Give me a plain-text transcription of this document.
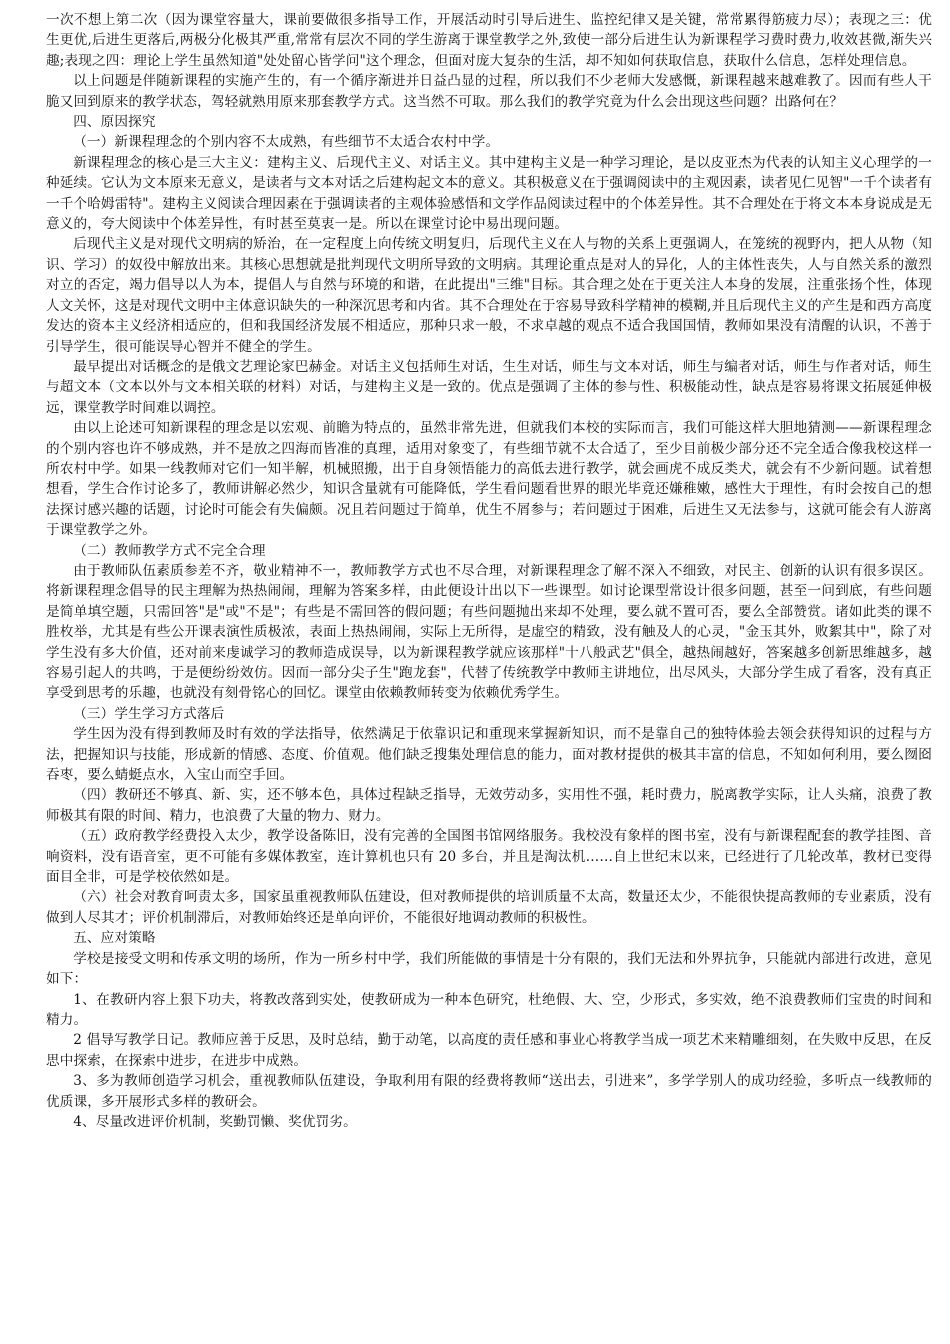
一次不想上第二次（因为课堂容量大，课前要做很多指导工作，开展活动时引导后进生、监控纪律又是关键，常常累得筋疲力尽）；表现之三：优生更优,后进生更落后,两极分化极其严重,常常有层次不同的学生游离于课堂教学之外,致使一部分后进生认为新课程学习费时费力,收效甚微,渐失兴趣;表现之四：理论上学生虽然知道"处处留心皆学问"这个理念，但面对庞大复杂的生活，却不知如何获取信息，获取什么信息，怎样处理信息。

以上问题是伴随新课程的实施产生的，有一个循序渐进并日益凸显的过程，所以我们不少老师大发感慨，新课程越来越难教了。因而有些人干脆又回到原来的教学状态，驾轻就熟用原来那套教学方式。这当然不可取。那么我们的教学究竟为什么会出现这些问题？出路何在？

四、原因探究

（一）新课程理念的个别内容不太成熟，有些细节不太适合农村中学。

新课程理念的核心是三大主义：建构主义、后现代主义、对话主义。其中建构主义是一种学习理论，是以皮亚杰为代表的认知主义心理学的一种延续。它认为文本原来无意义，是读者与文本对话之后建构起文本的意义。其积极意义在于强调阅读中的主观因素，读者见仁见智"一千个读者有一千个哈姆雷特"。建构主义阅读合理因素在于强调读者的主观体验感悟和文学作品阅读过程中的个体差异性。其不合理处在于将文本本身说成是无意义的，夸大阅读中个体差异性，有时甚至莫衷一是。所以在课堂讨论中易出现问题。

后现代主义是对现代文明病的矫治，在一定程度上向传统文明复归，后现代主义在人与物的关系上更强调人，在笼统的视野内，把人从物（知识、学习）的奴役中解放出来。其核心思想就是批判现代文明所导致的文明病。其理论重点是对人的异化，人的主体性丧失，人与自然关系的激烈对立的否定，竭力倡导以人为本，提倡人与自然与环境的和谐，在此提出"三维"目标。其合理之处在于更关注人本身的发展，注重张扬个性，体现人文关怀，这是对现代文明中主体意识缺失的一种深沉思考和内省。其不合理处在于容易导致科学精神的模糊,并且后现代主义的产生是和西方高度发达的资本主义经济相适应的，但和我国经济发展不相适应，那种只求一般，不求卓越的观点不适合我国国情，教师如果没有清醒的认识，不善于引导学生，很可能误导心智并不健全的学生。

最早提出对话概念的是俄文艺理论家巴赫金。对话主义包括师生对话，生生对话，师生与文本对话，师生与编者对话，师生与作者对话，师生与超文本（文本以外与文本相关联的材料）对话，与建构主义是一致的。优点是强调了主体的参与性、积极能动性，缺点是容易将课文拓展延伸极远，课堂教学时间难以调控。

由以上论述可知新课程的理念是以宏观、前瞻为特点的，虽然非常先进，但就我们本校的实际而言，我们可能这样大胆地猜测——新课程理念的个别内容也许不够成熟，并不是放之四海而皆准的真理，适用对象变了，有些细节就不太合适了，至少目前极少部分还不完全适合像我校这样一所农村中学。如果一线教师对它们一知半解，机械照搬，出于自身领悟能力的高低去进行教学，就会画虎不成反类犬，就会有不少新问题。试着想想看，学生合作讨论多了，教师讲解必然少，知识含量就有可能降低，学生看问题看世界的眼光毕竟还嫌稚嫩，感性大于理性，有时会按自己的想法探讨感兴趣的话题，讨论时可能会有失偏颇。况且若问题过于简单，优生不屑参与；若问题过于困难，后进生又无法参与，这就可能会有人游离于课堂教学之外。

（二）教师教学方式不完全合理

由于教师队伍素质参差不齐，敬业精神不一，教师教学方式也不尽合理，对新课程理念了解不深入不细致，对民主、创新的认识有很多误区。将新课程理念倡导的民主理解为热热闹闹，理解为答案多样，由此便设计出以下一些课型。如讨论课型常设计很多问题，甚至一问到底，有些问题是简单填空题，只需回答"是"或"不是"；有些是不需回答的假问题；有些问题抛出来却不处理，要么就不置可否，要么全部赞赏。诸如此类的课不胜枚举，尤其是有些公开课表演性质极浓，表面上热热闹闹，实际上无所得，是虚空的精致，没有触及人的心灵，"金玉其外，败絮其中"，除了对学生没有多大价值，还对前来虔诚学习的教师造成误导，以为新课程教学就应该那样"十八般武艺"俱全，越热闹越好，答案越多创新思维越多，越容易引起人的共鸣，于是便纷纷效仿。因而一部分尖子生"跑龙套"，代替了传统教学中教师主讲地位，出尽风头，大部分学生成了看客，没有真正享受到思考的乐趣，也就没有刻骨铭心的回忆。课堂由依赖教师转变为依赖优秀学生。

（三）学生学习方式落后

学生因为没有得到教师及时有效的学法指导，依然满足于依靠识记和重现来掌握新知识，而不是靠自己的独特体验去领会获得知识的过程与方法，把握知识与技能，形成新的情感、态度、价值观。他们缺乏搜集处理信息的能力，面对教材提供的极其丰富的信息，不知如何利用，要么囫囵吞枣，要么蜻蜓点水，入宝山而空手回。

（四）教研还不够真、新、实，还不够本色，具体过程缺乏指导，无效劳动多，实用性不强，耗时费力，脱离教学实际，让人头痛，浪费了教师极其有限的时间、精力，也浪费了大量的物力、财力。

（五）政府教学经费投入太少，教学设备陈旧，没有完善的全国图书馆网络服务。我校没有象样的图书室，没有与新课程配套的教学挂图、音响资料，没有语音室，更不可能有多媒体教室，连计算机也只有 20 多台，并且是淘汰机……自上世纪末以来，已经进行了几轮改革，教材已变得面目全非，可是学校依然如是。

（六）社会对教育呵责太多，国家虽重视教师队伍建设，但对教师提供的培训质量不太高，数量还太少，不能很快提高教师的专业素质，没有做到人尽其才；评价机制滞后，对教师始终还是单向评价，不能很好地调动教师的积极性。

五、应对策略

学校是接受文明和传承文明的场所，作为一所乡村中学，我们所能做的事情是十分有限的，我们无法和外界抗争，只能就内部进行改进，意见如下：

1、在教研内容上狠下功夫，将教改落到实处，使教研成为一种本色研究，杜绝假、大、空，少形式，多实效，绝不浪费教师们宝贵的时间和精力。

2 倡导写教学日记。教师应善于反思，及时总结，勤于动笔，以高度的责任感和事业心将教学当成一项艺术来精雕细刻，在失败中反思，在反思中探索，在探索中进步，在进步中成熟。

3、多为教师创造学习机会，重视教师队伍建设，争取利用有限的经费将教师“送出去，引进来”，多学学别人的成功经验，多听点一线教师的优质课，多开展形式多样的教研会。

4、尽量改进评价机制，奖勤罚懒、奖优罚劣。
